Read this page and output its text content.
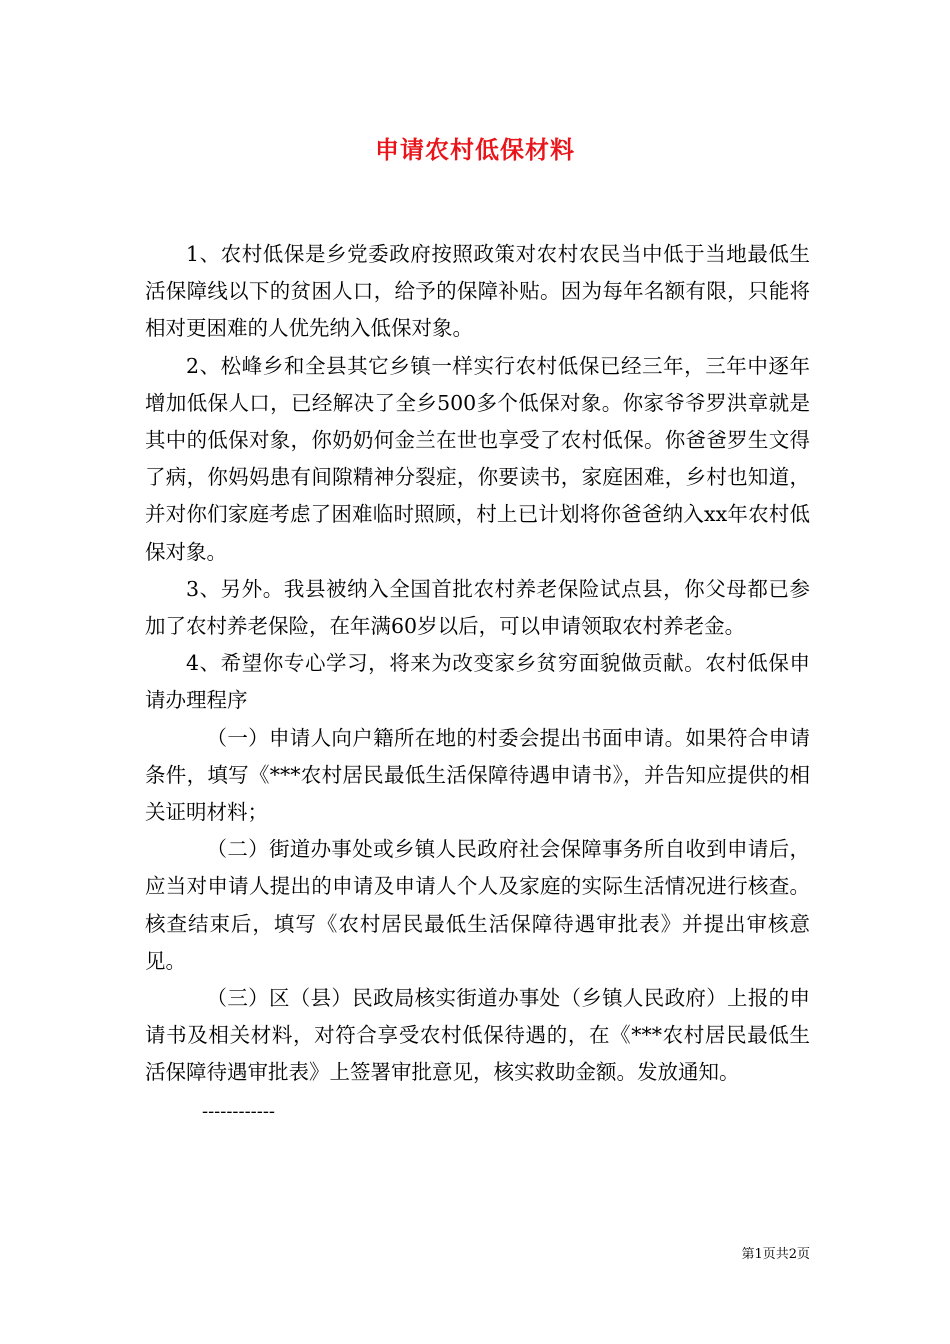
申请农村低保材料

1、农村低保是乡党委政府按照政策对农村农民当中低于当地最低生活保障线以下的贫困人口，给予的保障补贴。因为每年名额有限，只能将相对更困难的人优先纳入低保对象。

2、松峰乡和全县其它乡镇一样实行农村低保已经三年，三年中逐年增加低保人口，已经解决了全乡500多个低保对象。你家爷爷罗洪章就是其中的低保对象，你奶奶何金兰在世也享受了农村低保。你爸爸罗生文得了病，你妈妈患有间隙精神分裂症，你要读书，家庭困难，乡村也知道，并对你们家庭考虑了困难临时照顾，村上已计划将你爸爸纳入xx年农村低保对象。

3、另外。我县被纳入全国首批农村养老保险试点县，你父母都已参加了农村养老保险，在年满60岁以后，可以申请领取农村养老金。

4、希望你专心学习，将来为改变家乡贫穷面貌做贡献。农村低保申请办理程序

（一）申请人向户籍所在地的村委会提出书面申请。如果符合申请条件，填写《***农村居民最低生活保障待遇申请书》，并告知应提供的相关证明材料；

（二）街道办事处或乡镇人民政府社会保障事务所自收到申请后，应当对申请人提出的申请及申请人个人及家庭的实际生活情况进行核查。核查结束后，填写《农村居民最低生活保障待遇审批表》并提出审核意见。

（三）区（县）民政局核实街道办事处（乡镇人民政府）上报的申请书及相关材料，对符合享受农村低保待遇的，在《***农村居民最低生活保障待遇审批表》上签署审批意见，核实救助金额。发放通知。

------------
第1页共2页
